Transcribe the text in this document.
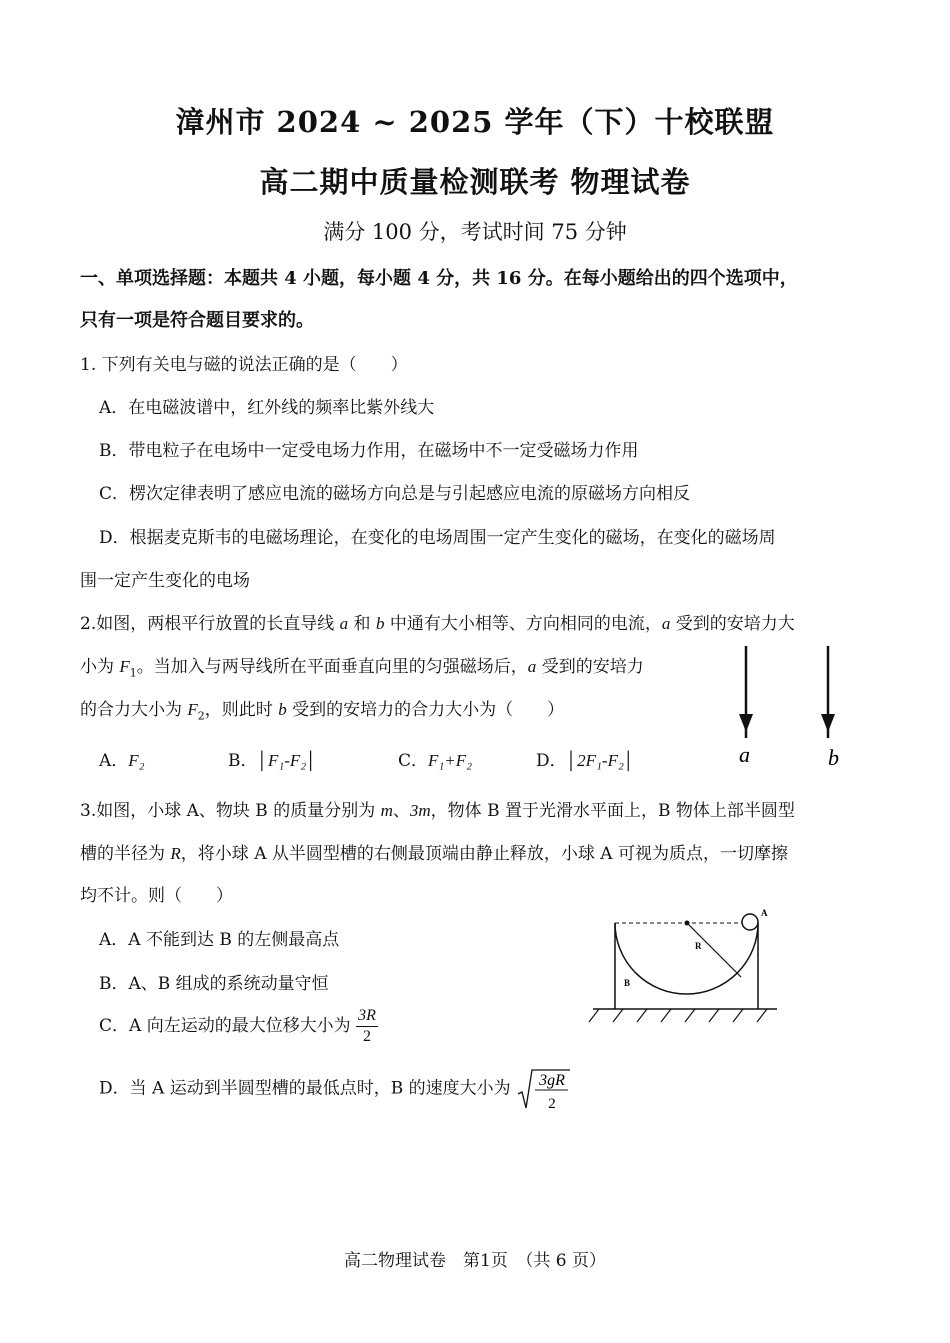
漳州市 2024 ~ 2025 学年（下）十校联盟
高二期中质量检测联考 物理试卷
满分 100 分，考试时间 75 分钟
一、单项选择题：本题共 4 小题，每小题 4 分，共 16 分。在每小题给出的四个选项中，
只有一项是符合题目要求的。
1. 下列有关电与磁的说法正确的是（　　）
A．在电磁波谱中，红外线的频率比紫外线大
B．带电粒子在电场中一定受电场力作用，在磁场中不一定受磁场力作用
C．楞次定律表明了感应电流的磁场方向总是与引起感应电流的原磁场方向相反
D．根据麦克斯韦的电磁场理论，在变化的电场周围一定产生变化的磁场，在变化的磁场周
围一定产生变化的电场
2.如图，两根平行放置的长直导线 a 和 b 中通有大小相等、方向相同的电流，a 受到的安培力大
小为 $F_1$。当加入与两导线所在平面垂直向里的匀强磁场后，a 受到的安培力
的合力大小为 $F_2$，则此时 b 受到的安培力的合力大小为（　　）
A．F₂	B．│F₁-F₂│	C．F₁+F₂	D．│2F₁-F₂│	a	b
3.如图，小球 A、物块 B 的质量分别为 m、3m，物体 B 置于光滑水平面上，B 物体上部半圆型
槽的半径为 R，将小球 A 从半圆型槽的右侧最顶端由静止释放，小球 A 可视为质点，一切摩擦
均不计。则（　　）
A．A 不能到达 B 的左侧最高点
B．A、B 组成的系统动量守恒
C．A 向左运动的最大位移大小为 $\frac{3R}{2}$
D．当 A 运动到半圆型槽的最低点时，B 的速度大小为 3gR
2
A
R
B
高二物理试卷　第1页　（共 6 页）
